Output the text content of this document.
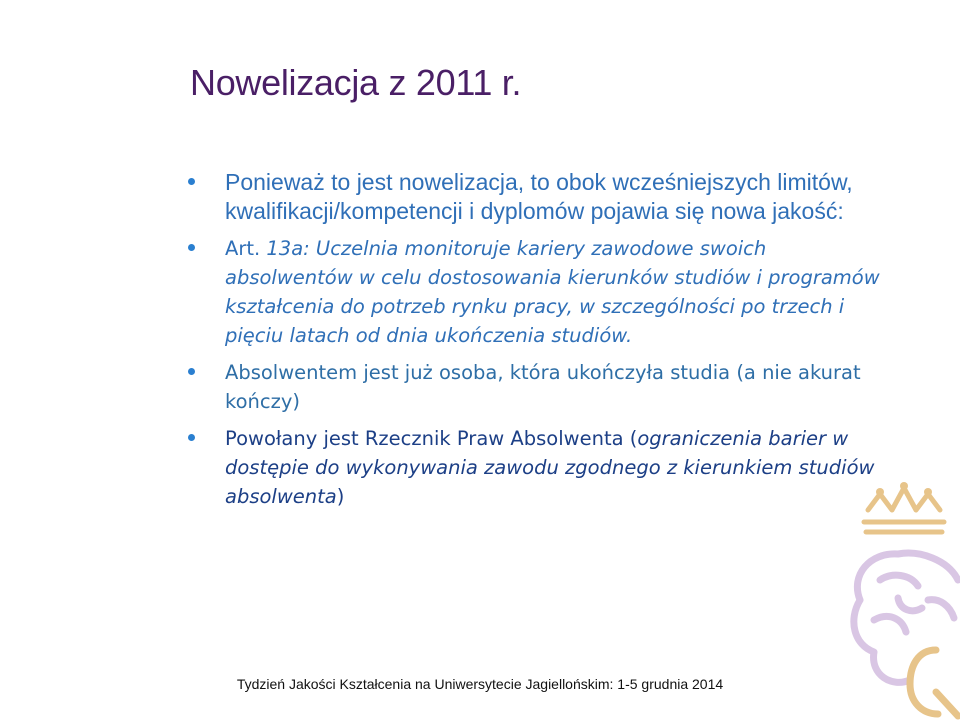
Nowelizacja z 2011 r.
Ponieważ to jest nowelizacja, to obok wcześniejszych limitów, kwalifikacji/kompetencji i dyplomów pojawia się nowa jakość:
Art. 13a: Uczelnia monitoruje kariery zawodowe swoich absolwentów w celu dostosowania kierunków studiów i programów kształcenia do potrzeb rynku pracy, w szczególności po trzech i pięciu latach od dnia ukończenia studiów.
Absolwentem jest już osoba, która ukończyła studia (a nie akurat kończy)
Powołany jest Rzecznik Praw Absolwenta (ograniczenia barier w dostępie do wykonywania zawodu zgodnego z kierunkiem studiów absolwenta)
Tydzień Jakości Kształcenia na Uniwersytecie Jagiellońskim: 1-5 grudnia 2014
